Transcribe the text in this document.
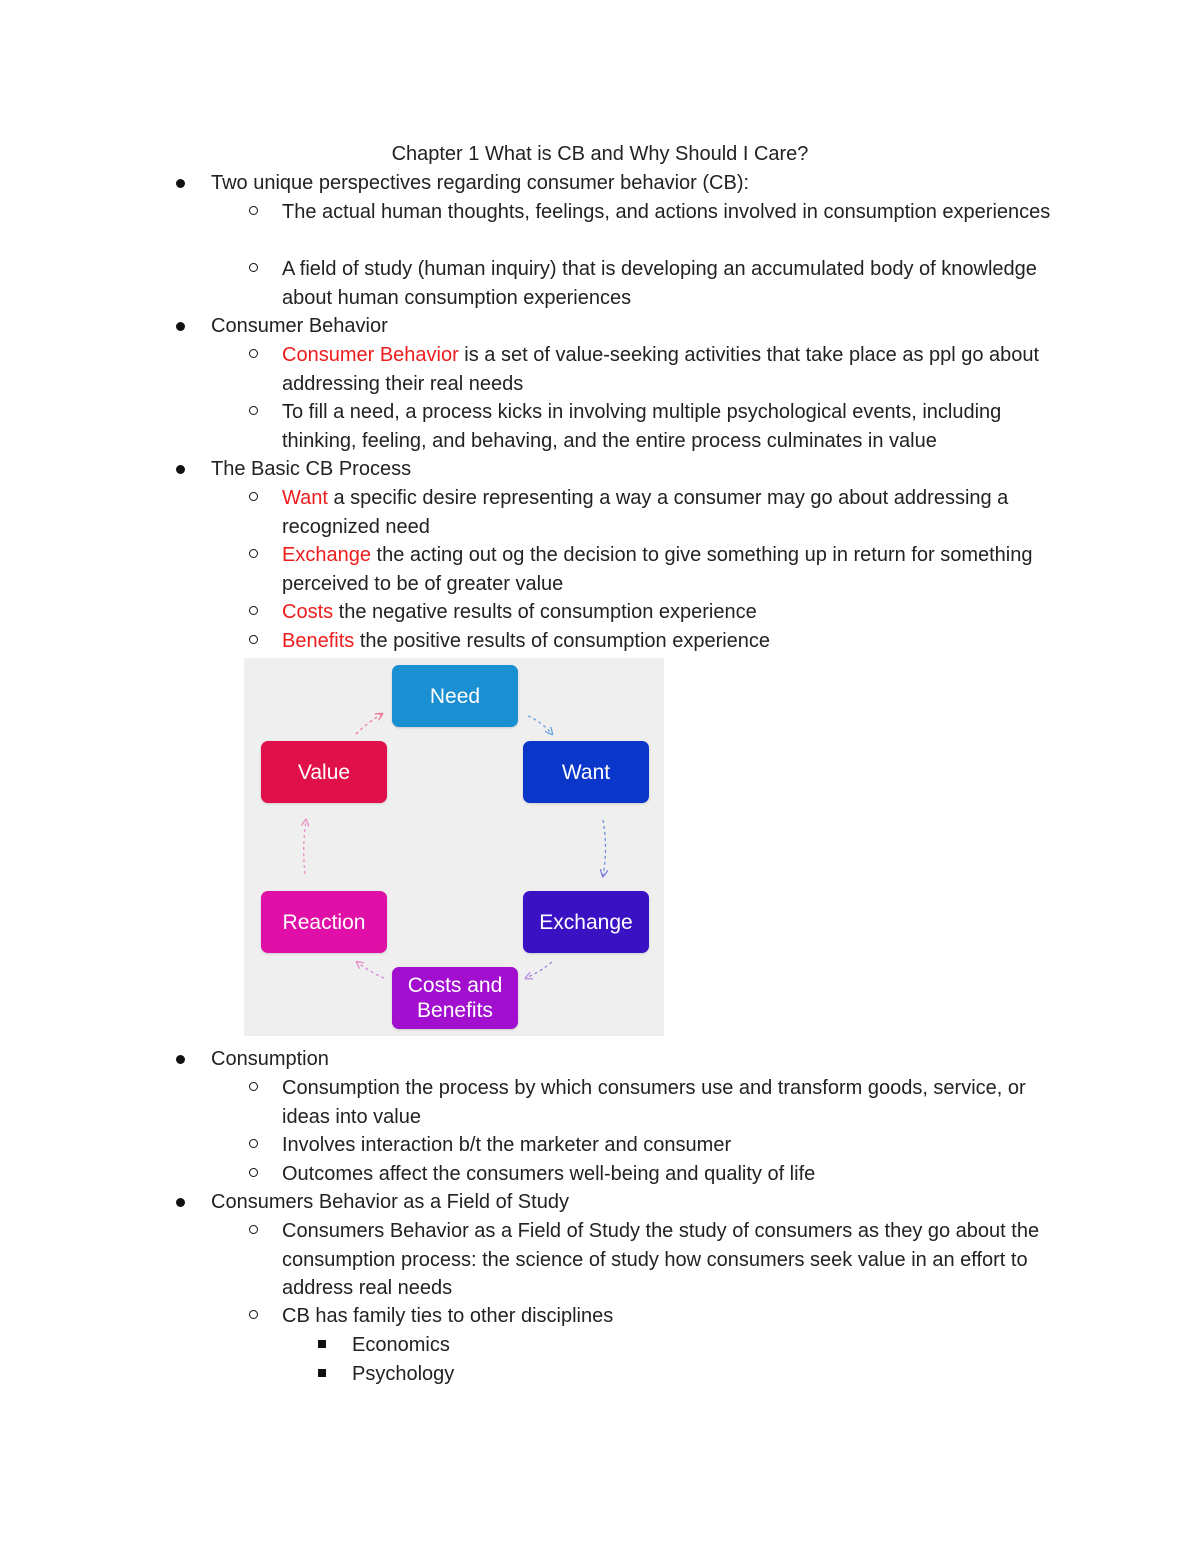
Chapter 1 What is CB and Why Should I Care?
Two unique perspectives regarding consumer behavior (CB):
The actual human thoughts, feelings, and actions involved in consumption experiences
A field of study (human inquiry) that is developing an accumulated body of knowledge about human consumption experiences
Consumer Behavior
Consumer Behavior is a set of value-seeking activities that take place as ppl go about addressing their real needs
To fill a need, a process kicks in involving multiple psychological events, including thinking, feeling, and behaving, and the entire process culminates in value
The Basic CB Process
Want a specific desire representing a way a consumer may go about addressing a recognized need
Exchange the acting out og the decision to give something up in return for something perceived to be of greater value
Costs the negative results of consumption experience
Benefits the positive results of consumption experience
Need
Want
Exchange
Costs and
Benefits
Reaction
Value
Consumption
Consumption the process by which consumers use and transform goods, service, or ideas into value
Involves interaction b/t the marketer and consumer
Outcomes affect the consumers well-being and quality of life
Consumers Behavior as a Field of Study
Consumers Behavior as a Field of Study the study of consumers as they go about the consumption process: the science of study how consumers seek value in an effort to address real needs
CB has family ties to other disciplines
Economics
Psychology
